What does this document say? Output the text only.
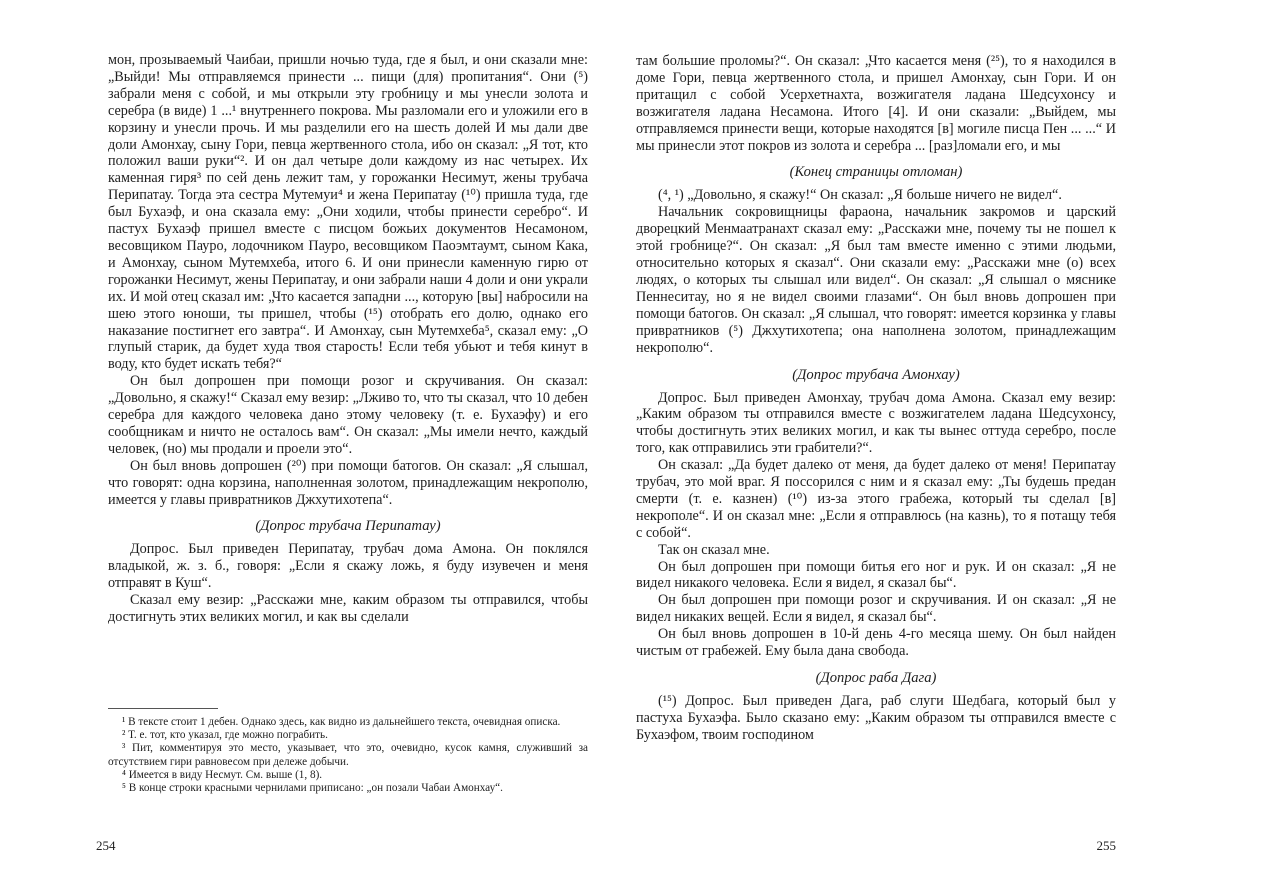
мон, прозываемый Чаибаи, пришли ночью туда, где я был, и они сказали мне: „Выйди! Мы отправляемся принести ... пищи (для) пропитания“. Они (⁵) забрали меня с собой, и мы открыли эту гробницу и мы унесли золота и серебра (в виде) 1 ...¹ внутреннего покрова. Мы разломали его и уложили его в корзину и унесли прочь. И мы разделили его на шесть долей И мы дали две доли Амонхау, сыну Гори, певца жертвенного стола, ибо он сказал: „Я тот, кто положил ваши руки“². И он дал четыре доли каждому из нас четырех. Их каменная гиря³ по сей день лежит там, у горожанки Несимут, жены трубача Перипатау. Тогда эта сестра Мутемуи⁴ и жена Перипатау (¹⁰) пришла туда, где был Бухаэф, и она сказала ему: „Они ходили, чтобы принести серебро“. И пастух Бухаэф пришел вместе с писцом божьих документов Несамоном, весовщиком Пауро, лодочником Пауро, весовщиком Паоэмтаумт, сыном Кака, и Амонхау, сыном Мутемхеба, итого 6. И они принесли каменную гирю от горожанки Несимут, жены Перипатау, и они забрали наши 4 доли и они украли их. И мой отец сказал им: „Что касается западни ..., которую [вы] набросили на шею этого юноши, ты пришел, чтобы (¹⁵) отобрать его долю, однако его наказание постигнет его завтра“. И Амонхау, сын Мутемхеба⁵, сказал ему: „О глупый старик, да будет худа твоя старость! Если тебя убьют и тебя кинут в воду, кто будет искать тебя?“

Он был допрошен при помощи розог и скручивания. Он сказал: „Довольно, я скажу!“ Сказал ему везир: „Лживо то, что ты сказал, что 10 дебен серебра для каждого человека дано этому человеку (т. е. Бухаэфу) и его сообщникам и ничто не осталось вам“. Он сказал: „Мы имели нечто, каждый человек, (но) мы продали и проели это“.

Он был вновь допрошен (²⁰) при помощи батогов. Он сказал: „Я слышал, что говорят: одна корзина, наполненная золотом, принадлежащим некрополю, имеется у главы привратников Джхутихотепа“.

(Допрос трубача Перипатау)

Допрос. Был приведен Перипатау, трубач дома Амона. Он поклялся владыкой, ж. з. б., говоря: „Если я скажу ложь, я буду изувечен и меня отправят в Куш“.

Сказал ему везир: „Расскажи мне, каким образом ты отправился, чтобы достигнуть этих великих могил, и как вы сделали

¹ В тексте стоит 1 дебен. Однако здесь, как видно из дальнейшего текста, очевидная описка.

² Т. е. тот, кто указал, где можно пограбить.

³ Пит, комментируя это место, указывает, что это, очевидно, кусок камня, служивший за отсутствием гири равновесом при дележе добычи.

⁴ Имеется в виду Несмут. См. выше (1, 8).

⁵ В конце строки красными чернилами приписано: „он позали Чабаи Амонхау“.

254

там большие проломы?“. Он сказал: „Что касается меня (²⁵), то я находился в доме Гори, певца жертвенного стола, и пришел Амонхау, сын Гори. И он притащил с собой Усерхетнахта, возжигателя ладана Шедсухонсу и возжигателя ладана Несамона. Итого [4]. И они сказали: „Выйдем, мы отправляемся принести вещи, которые находятся [в] могиле писца Пен ... ...“ И мы принесли этот покров из золота и серебра ... [раз]ломали его, и мы

(Конец страницы отломан)

(⁴, ¹) „Довольно, я скажу!“ Он сказал: „Я больше ничего не видел“.

Начальник сокровищницы фараона, начальник закромов и царский дворецкий Менмаатранахт сказал ему: „Расскажи мне, почему ты не пошел к этой гробнице?“. Он сказал: „Я был там вместе именно с этими людьми, относительно которых я сказал“. Они сказали ему: „Расскажи мне (о) всех людях, о которых ты слышал или видел“. Он сказал: „Я слышал о мяснике Пеннеситау, но я не видел своими глазами“. Он был вновь допрошен при помощи батогов. Он сказал: „Я слышал, что говорят: имеется корзинка у главы привратников (⁵) Джхутихотепа; она наполнена золотом, принадлежащим некрополю“.

(Допрос трубача Амонхау)

Допрос. Был приведен Амонхау, трубач дома Амона. Сказал ему везир: „Каким образом ты отправился вместе с возжигателем ладана Шедсухонсу, чтобы достигнуть этих великих могил, и как ты вынес оттуда серебро, после того, как отправились эти грабители?“.

Он сказал: „Да будет далеко от меня, да будет далеко от меня! Перипатау трубач, это мой враг. Я поссорился с ним и я сказал ему: „Ты будешь предан смерти (т. е. казнен) (¹⁰) из-за этого грабежа, который ты сделал [в] некрополе“. И он сказал мне: „Если я отправлюсь (на казнь), то я потащу тебя с собой“.

Так он сказал мне.

Он был допрошен при помощи битья его ног и рук. И он сказал: „Я не видел никакого человека. Если я видел, я сказал бы“.

Он был допрошен при помощи розог и скручивания. И он сказал: „Я не видел никаких вещей. Если я видел, я сказал бы“.

Он был вновь допрошен в 10-й день 4-го месяца шему. Он был найден чистым от грабежей. Ему была дана свобода.

(Допрос раба Дага)

(¹⁵) Допрос. Был приведен Дага, раб слуги Шедбага, который был у пастуха Бухаэфа. Было сказано ему: „Каким образом ты отправился вместе с Бухаэфом, твоим господином

255
